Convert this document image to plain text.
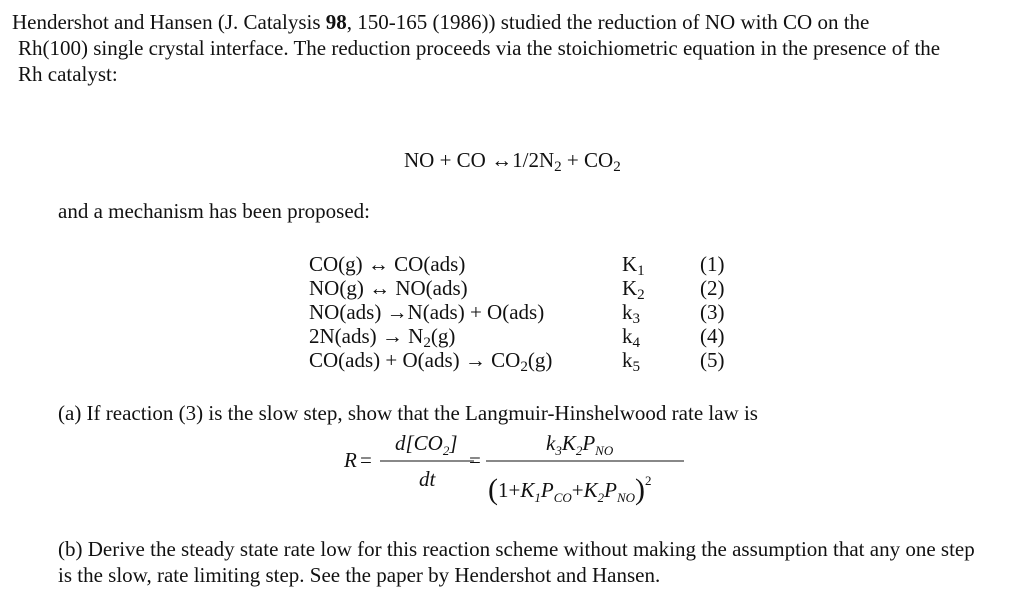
Hendershot and Hansen (J. Catalysis 98, 150-165 (1986)) studied the reduction of NO with CO on the
Rh(100) single crystal interface. The reduction proceeds via the stoichiometric equation in the presence of the
Rh catalyst:
NO + CO $\leftrightarrow 1/2N_2 + CO_2$
and a mechanism has been proposed:
CO(g) ↔ CO(ads)	$K_1$	(1)
NO(g) ↔ NO(ads)	$K_2$	(2)
NO(ads) →N(ads) + O(ads)	$k_3$	(3)
$2N(ads) \to N_2(g)$	$k_4$	(4)
$CO(ads) + O(ads) \to CO_2(g)$	$k_5$	(5)
(a) If reaction (3) is the slow step, show that the Langmuir-Hinshelwood rate law is
R =
$d[CO_2]$
dt
=
$k_3K_2P_{NO}$
$(1+K_1P_{CO}+K_2P_{NO})^2$
(b) Derive the steady state rate low for this reaction scheme without making the assumption that any one step
is the slow, rate limiting step. See the paper by Hendershot and Hansen.
